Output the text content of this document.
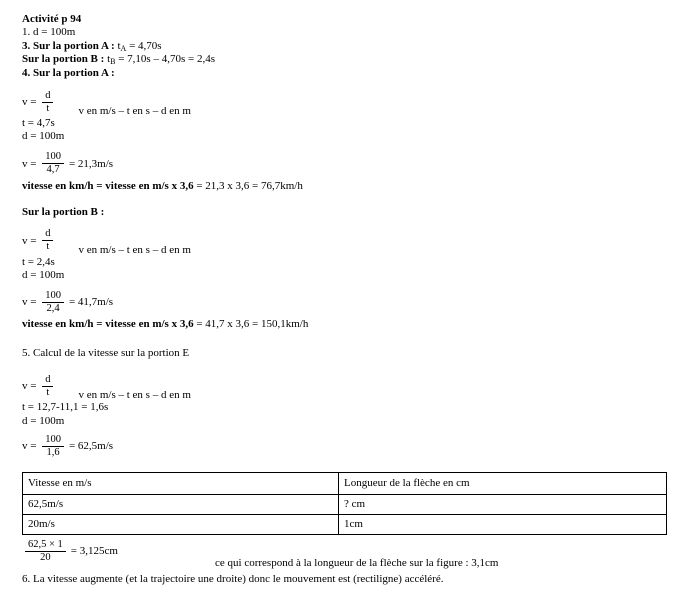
Activité p 94

1. d = 100m

3. Sur la portion A : $t_A = 4,70s$

Sur la portion B : $t_B = 7,10s - 4,70s = 2,4s$

4. Sur la portion A :

$v = \frac{d}{t}$ v en m/s – t en s – d en m

t = 4,7s

d = 100m

$v = \frac{100}{4,7} = 21,3m/s$

vitesse en km/h = vitesse en m/s x 3,6 = 21,3 x 3,6 = 76,7km/h

Sur la portion B :

$v = \frac{d}{t}$ v en m/s – t en s – d en m

t = 2,4s

d = 100m

$v = \frac{100}{2,4} = 41,7m/s$

vitesse en km/h = vitesse en m/s x 3,6 = 41,7 x 3,6 = 150,1km/h

5. Calcul de la vitesse sur la portion E

$v = \frac{d}{t}$ v en m/s – t en s – d en m

t = 12,7-11,1 = 1,6s

d = 100m

$v = \frac{100}{1,6} = 62,5m/s$
Vitesse en m/s	Longueur de la flèche en cm
62,5m/s	? cm
20m/s	1cm
$\frac{62,5 \times 1}{20} = 3,125cm$

ce qui correspond à la longueur de la flèche sur la figure : 3,1cm

6. La vitesse augmente (et la trajectoire une droite) donc le mouvement est (rectiligne) accéléré.
